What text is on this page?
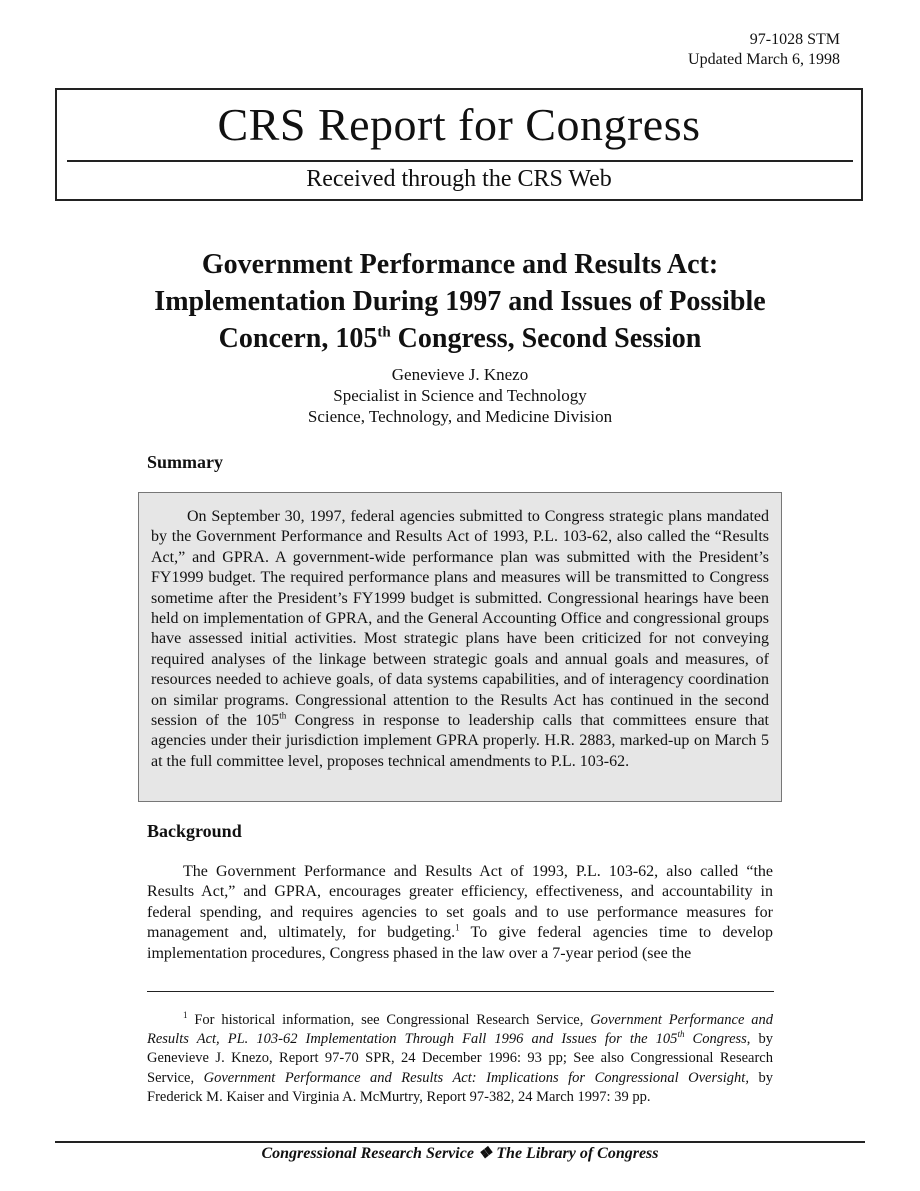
97-1028 STM
Updated March 6, 1998
CRS Report for Congress
Received through the CRS Web
Government Performance and Results Act:
Implementation During 1997 and Issues of Possible
Concern, 105th Congress, Second Session
Genevieve J. Knezo
Specialist in Science and Technology
Science, Technology, and Medicine Division
Summary

On September 30, 1997, federal agencies submitted to Congress strategic plans mandated by the Government Performance and Results Act of 1993, P.L. 103-62, also called the “Results Act,” and GPRA. A government-wide performance plan was submitted with the President’s FY1999 budget. The required performance plans and measures will be transmitted to Congress sometime after the President’s FY1999 budget is submitted. Congressional hearings have been held on implementation of GPRA, and the General Accounting Office and congressional groups have assessed initial activities. Most strategic plans have been criticized for not conveying required analyses of the linkage between strategic goals and annual goals and measures, of resources needed to achieve goals, of data systems capabilities, and of interagency coordination on similar programs. Congressional attention to the Results Act has continued in the second session of the 105th Congress in response to leadership calls that committees ensure that agencies under their jurisdiction implement GPRA properly. H.R. 2883, marked-up on March 5 at the full committee level, proposes technical amendments to P.L. 103-62.

Background

The Government Performance and Results Act of 1993, P.L. 103-62, also called “the Results Act,” and GPRA, encourages greater efficiency, effectiveness, and accountability in federal spending, and requires agencies to set goals and to use performance measures for management and, ultimately, for budgeting.$^1$ To give federal agencies time to develop implementation procedures, Congress phased in the law over a 7-year period (see the

$^1$ For historical information, see Congressional Research Service, Government Performance and Results Act, PL. 103-62 Implementation Through Fall 1996 and Issues for the 105th Congress, by Genevieve J. Knezo, Report 97-70 SPR, 24 December 1996: 93 pp; See also Congressional Research Service, Government Performance and Results Act: Implications for Congressional Oversight, by Frederick M. Kaiser and Virginia A. McMurtry, Report 97-382, 24 March 1997: 39 pp.

Congressional Research Service ❖ The Library of Congress
